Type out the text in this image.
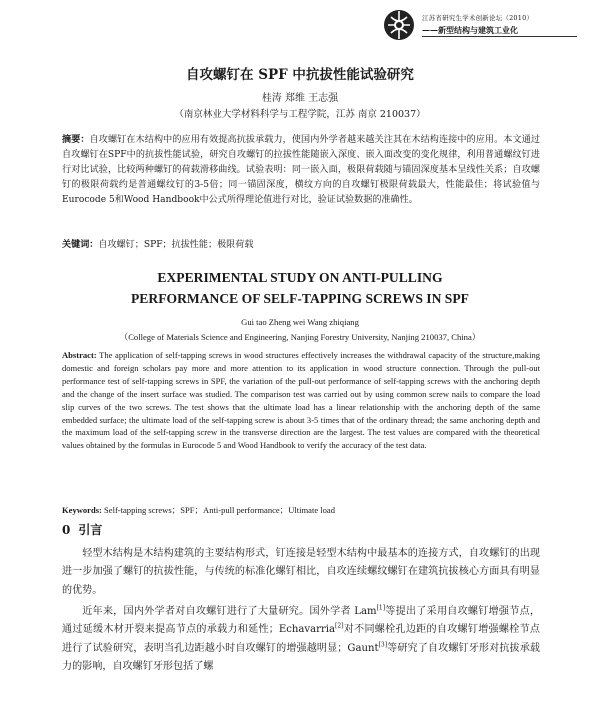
江苏省研究生学术创新论坛（2010）
——新型结构与建筑工业化
自攻螺钉在 SPF 中抗拔性能试验研究
桂涛 郑维 王志强
（南京林业大学材料科学与工程学院，江苏 南京 210037）
摘要：自攻螺钉在木结构中的应用有效提高抗拔承载力，使国内外学者越来越关注其在木结构连接中的应用。本文通过自攻螺钉在SPF中的抗拔性能试验，研究自攻螺钉的拉拔性能随嵌入深度、嵌入面改变的变化规律，利用普通螺纹钉进行对比试验，比较两种螺钉的荷载滑移曲线。试验表明：同一嵌入面，极限荷载随与锚固深度基本呈线性关系；自攻螺钉的极限荷载约是普通螺纹钉的3-5倍；同一锚固深度，横纹方向的自攻螺钉极限荷载最大，性能最佳；将试验值与Eurocode 5和Wood Handbook中公式所得理论值进行对比，验证试验数据的准确性。
关键词：自攻螺钉；SPF；抗拔性能；极限荷载
EXPERIMENTAL STUDY ON ANTI-PULLING
PERFORMANCE OF SELF-TAPPING SCREWS IN SPF
Gui tao Zheng wei Wang zhiqiang
（College of Materials Science and Engineering, Nanjing Forestry University, Nanjing 210037, China）
Abstract: The application of self-tapping screws in wood structures effectively increases the withdrawal capacity of the structure,making domestic and foreign scholars pay more and more attention to its application in wood structure connection. Through the pull-out performance test of self-tapping screws in SPF, the variation of the pull-out performance of self-tapping screws with the anchoring depth and the change of the insert surface was studied. The comparison test was carried out by using common screw nails to compare the load slip curves of the two screws. The test shows that the ultimate load has a linear relationship with the anchoring depth of the same embedded surface; the ultimate load of the self-tapping screw is about 3-5 times that of the ordinary thread; the same anchoring depth and the maximum load of the self-tapping screw in the transverse direction are the largest. The test values are compared with the theoretical values obtained by the formulas in Eurocode 5 and Wood Handbook to verify the accuracy of the test data.
Keywords: Self-tapping screws；SPF；Anti-pull performance；Ultimate load
0 引言
轻型木结构是木结构建筑的主要结构形式，钉连接是轻型木结构中最基本的连接方式，自攻螺钉的出现进一步加强了螺钉的抗拔性能，与传统的标准化螺钉相比，自攻连续螺纹螺钉在建筑抗拔核心方面具有明显的优势。
近年来，国内外学者对自攻螺钉进行了大量研究。国外学者 Lam[1]等提出了采用自攻螺钉增强节点，通过延缓木材开裂来提高节点的承载力和延性；Echavarria[2]对不同螺栓孔边距的自攻螺钉增强螺栓节点进行了试验研究，表明当孔边距越小时自攻螺钉的增强越明显；Gaunt[3]等研究了自攻螺钉牙形对抗拔承载力的影响，自攻螺钉牙形包括了螺
